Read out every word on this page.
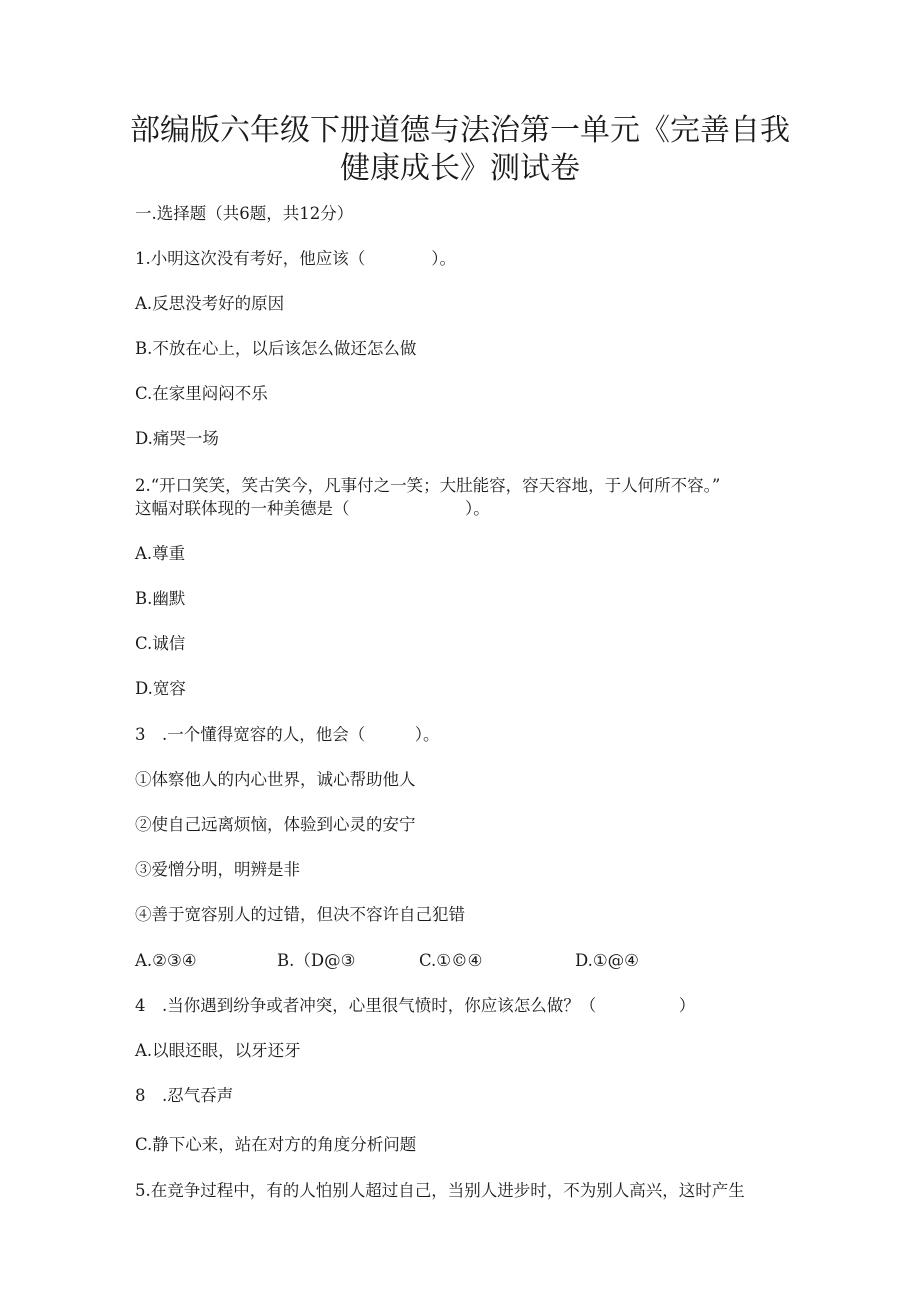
部编版六年级下册道德与法治第一单元《完善自我
健康成长》测试卷

一.选择题（共6题，共12分）

1.小明这次没有考好，他应该（　　　　）。

A.反思没考好的原因

B.不放在心上，以后该怎么做还怎么做

C.在家里闷闷不乐

D.痛哭一场

2.“开口笑笑，笑古笑今，凡事付之一笑；大肚能容，容天容地，于人何所不容。”

这幅对联体现的一种美德是（　　　　　　　）。

A.尊重

B.幽默

C.诚信

D.宽容

3　.一个懂得宽容的人，他会（　　　）。

①体察他人的内心世界，诚心帮助他人

②使自己远离烦恼，体验到心灵的安宁

③爱憎分明，明辨是非

④善于宽容别人的过错，但决不容许自己犯错

A.②③④	B.（D@③	C.①©④	D.①@④

4　.当你遇到纷争或者冲突，心里很气愤时，你应该怎么做？（　　　　　）

A.以眼还眼，以牙还牙

8　.忍气吞声

C.静下心来，站在对方的角度分析问题

5.在竞争过程中，有的人怕别人超过自己，当别人进步时，不为别人高兴，这时产生
